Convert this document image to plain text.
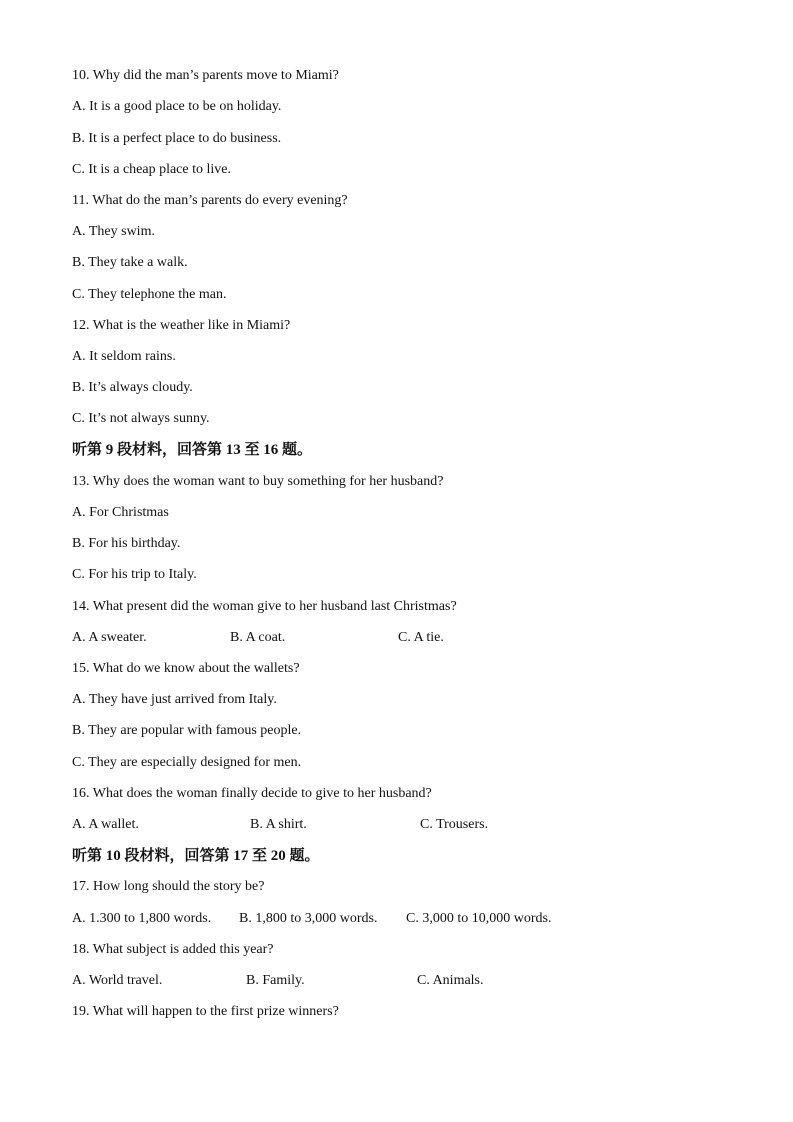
10. Why did the man’s parents move to Miami?
A. It is a good place to be on holiday.
B. It is a perfect place to do business.
C. It is a cheap place to live.
11. What do the man’s parents do every evening?
A. They swim.
B. They take a walk.
C. They telephone the man.
12. What is the weather like in Miami?
A. It seldom rains.
B. It’s always cloudy.
C. It’s not always sunny.
听第 9 段材料，回答第 13 至 16 题。
13. Why does the woman want to buy something for her husband?
A. For Christmas
B. For his birthday.
C. For his trip to Italy.
14. What present did the woman give to her husband last Christmas?
A. A sweater.	B. A coat.	C. A tie.
15. What do we know about the wallets?
A. They have just arrived from Italy.
B. They are popular with famous people.
C. They are especially designed for men.
16. What does the woman finally decide to give to her husband?
A. A wallet.	B. A shirt.	C. Trousers.
听第 10 段材料，回答第 17 至 20 题。
17. How long should the story be?
A. 1.300 to 1,800 words. B. 1,800 to 3,000 words. C. 3,000 to 10,000 words.
18. What subject is added this year?
A. World travel.	B. Family.	C. Animals.
19. What will happen to the first prize winners?
